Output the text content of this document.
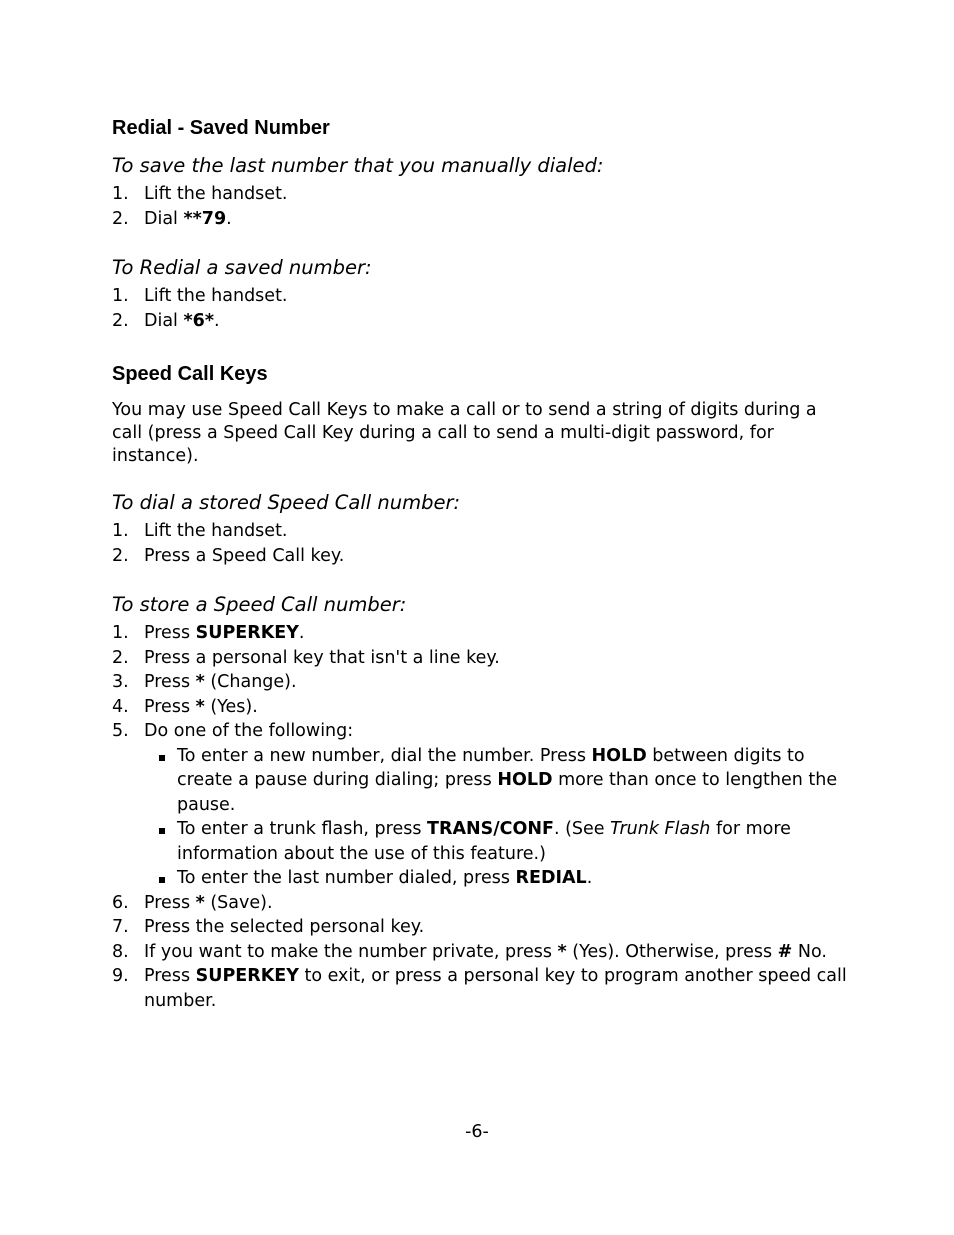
Redial - Saved Number

To save the last number that you manually dialed:

1. Lift the handset.
2. Dial **79.

To Redial a saved number:

1. Lift the handset.
2. Dial *6*.
Speed Call Keys

You may use Speed Call Keys to make a call or to send a string of digits during a call (press a Speed Call Key during a call to send a multi-digit password, for instance).

To dial a stored Speed Call number:

1. Lift the handset.
2. Press a Speed Call key.

To store a Speed Call number:

1. Press SUPERKEY.
2. Press a personal key that isn't a line key.
3. Press * (Change).
4. Press * (Yes).
5. Do one of the following:
To enter a new number, dial the number. Press HOLD between digits to create a pause during dialing; press HOLD more than once to lengthen the pause.
To enter a trunk flash, press TRANS/CONF. (See Trunk Flash for more information about the use of this feature.)
To enter the last number dialed, press REDIAL.
6. Press * (Save).
7. Press the selected personal key.
8. If you want to make the number private, press * (Yes). Otherwise, press # No.
9. Press SUPERKEY to exit, or press a personal key to program another speed call number.
-6-
